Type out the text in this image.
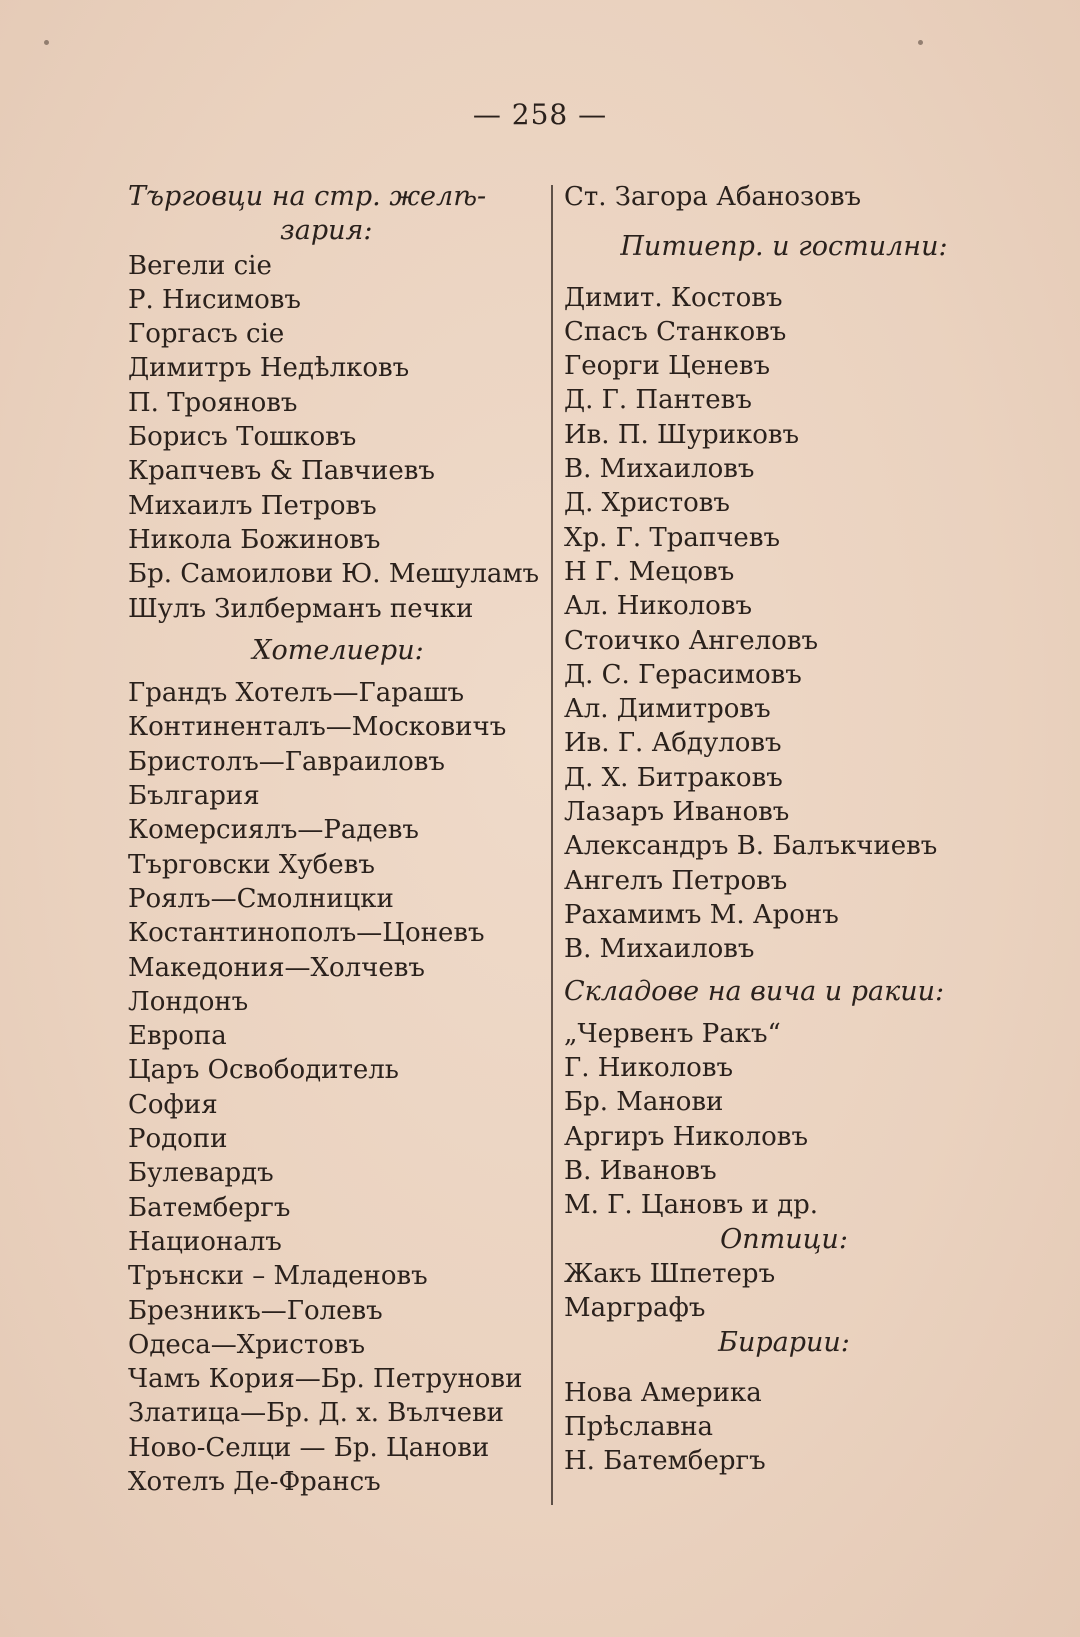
— 258 —
Търговци на стр. желѣ-
зария:
Вегели сіе
Р. Нисимовъ
Горгасъ сіе
Димитръ Недѣлковъ
П. Трояновъ
Борисъ Тошковъ
Крапчевъ & Павчиевъ
Михаилъ Петровъ
Никола Божиновъ
Бр. Самоилови Ю. Мешуламъ
Шулъ Зилберманъ печки
Хотелиери:
Грандъ Хотелъ—Гарашъ
Континенталъ—Московичъ
Бристолъ—Гавраиловъ
България
Комерсиялъ—Радевъ
Търговски Хубевъ
Роялъ—Смолницки
Костантинополъ—Цоневъ
Македония—Холчевъ
Лондонъ
Европа
Царъ Освободитель
София
Родопи
Булевардъ
Батембергъ
Националъ
Трънски – Младеновъ
Брезникъ—Голевъ
Одеса—Христовъ
Чамъ Кория—Бр. Петрунови
Златица—Бр. Д. х. Вълчеви
Ново-Селци — Бр. Цанови
Хотелъ Де-Франсъ
Ст. Загора Абанозовъ
Питиепр. и гостилни:
Димит. Костовъ
Спасъ Станковъ
Георги Ценевъ
Д. Г. Пантевъ
Ив. П. Шуриковъ
В. Михаиловъ
Д. Христовъ
Хр. Г. Трапчевъ
Н Г. Мецовъ
Ал. Николовъ
Стоичко Ангеловъ
Д. С. Герасимовъ
Ал. Димитровъ
Ив. Г. Абдуловъ
Д. Х. Битраковъ
Лазаръ Ивановъ
Александръ В. Балъкчиевъ
Ангелъ Петровъ
Рахамимъ М. Аронъ
В. Михаиловъ
Складове на вича и ракии:
„Червенъ Ракъ“
Г. Николовъ
Бр. Манови
Аргиръ Николовъ
В. Ивановъ
М. Г. Цановъ и др.
Оптици:
Жакъ Шпетеръ
Марграфъ
Бирарии:
Нова Америка
Прѣславна
Н. Батембергъ
